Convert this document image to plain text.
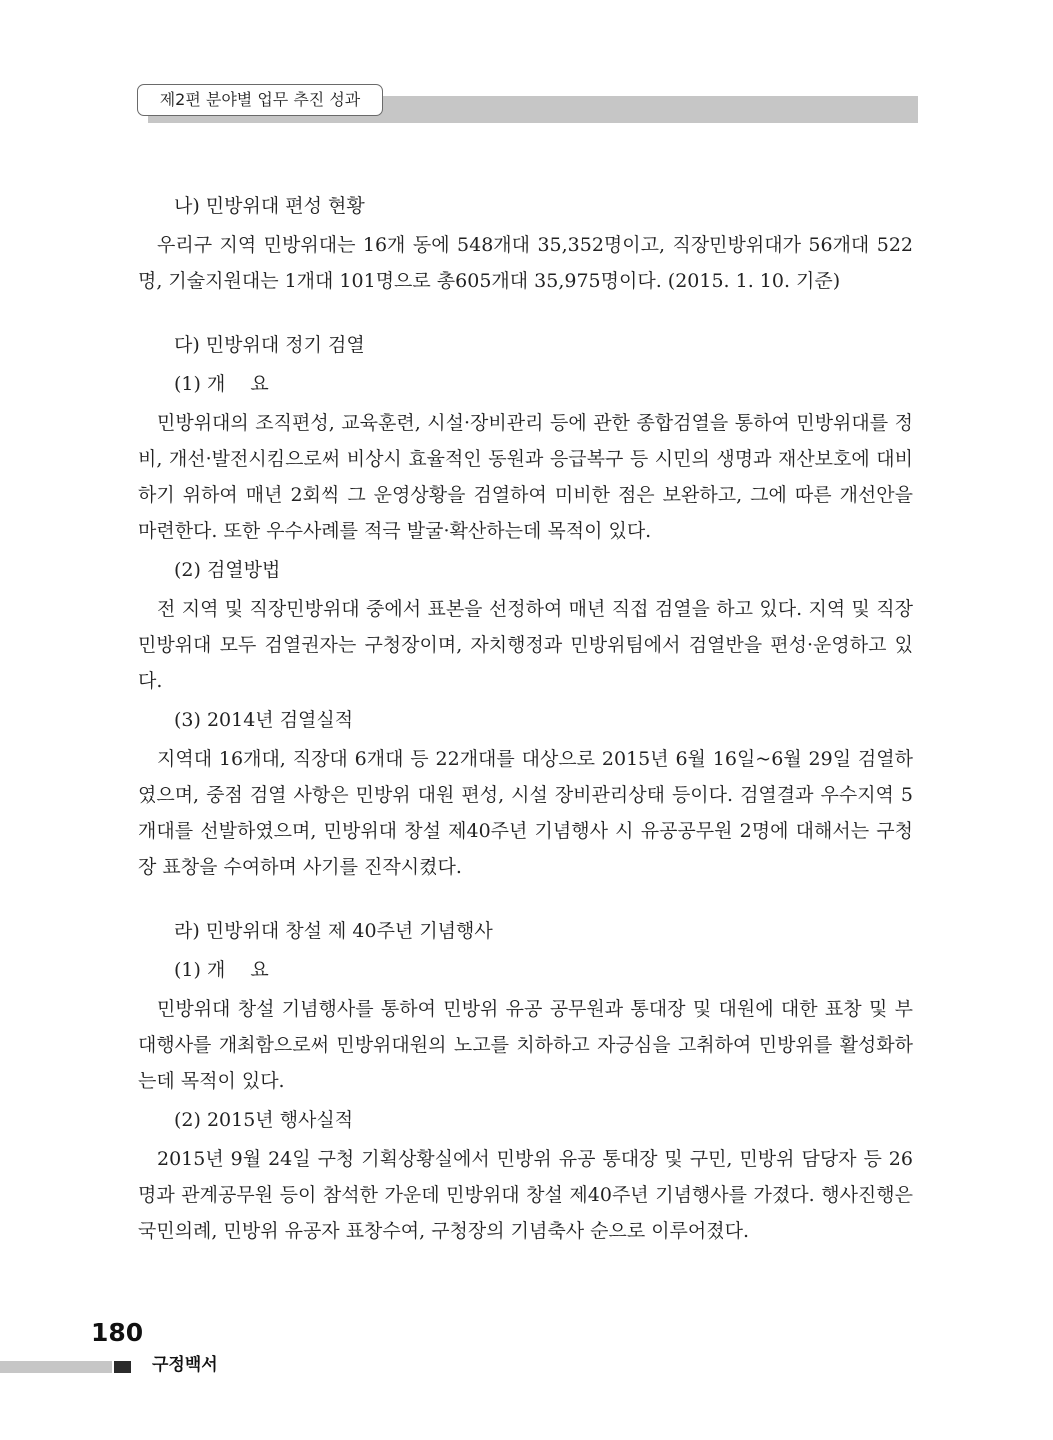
제2편 분야별 업무 추진 성과
나) 민방위대 편성 현황
우리구 지역 민방위대는 16개 동에 548개대 35,352명이고, 직장민방위대가 56개대 522명, 기술지원대는 1개대 101명으로 총605개대 35,975명이다. (2015. 1. 10. 기준)
다) 민방위대 정기 검열
(1) 개　 요
민방위대의 조직편성, 교육훈련, 시설·장비관리 등에 관한 종합검열을 통하여 민방위대를 정비, 개선·발전시킴으로써 비상시 효율적인 동원과 응급복구 등 시민의 생명과 재산보호에 대비하기 위하여 매년 2회씩 그 운영상황을 검열하여 미비한 점은 보완하고, 그에 따른 개선안을 마련한다. 또한 우수사례를 적극 발굴·확산하는데 목적이 있다.
(2) 검열방법
전 지역 및 직장민방위대 중에서 표본을 선정하여 매년 직접 검열을 하고 있다. 지역 및 직장민방위대 모두 검열권자는 구청장이며, 자치행정과 민방위팀에서 검열반을 편성·운영하고 있다.
(3) 2014년 검열실적
지역대 16개대, 직장대 6개대 등 22개대를 대상으로 2015년 6월 16일~6월 29일 검열하였으며, 중점 검열 사항은 민방위 대원 편성, 시설 장비관리상태 등이다. 검열결과 우수지역 5개대를 선발하였으며, 민방위대 창설 제40주년 기념행사 시 유공공무원 2명에 대해서는 구청장 표창을 수여하며 사기를 진작시켰다.
라) 민방위대 창설 제 40주년 기념행사
(1) 개　 요
민방위대 창설 기념행사를 통하여 민방위 유공 공무원과 통대장 및 대원에 대한 표창 및 부대행사를 개최함으로써 민방위대원의 노고를 치하하고 자긍심을 고취하여 민방위를 활성화하는데 목적이 있다.
(2) 2015년 행사실적
2015년 9월 24일 구청 기획상황실에서 민방위 유공 통대장 및 구민, 민방위 담당자 등 26명과 관계공무원 등이 참석한 가운데 민방위대 창설 제40주년 기념행사를 가졌다. 행사진행은 국민의례, 민방위 유공자 표창수여, 구청장의 기념축사 순으로 이루어졌다.
180
구정백서
